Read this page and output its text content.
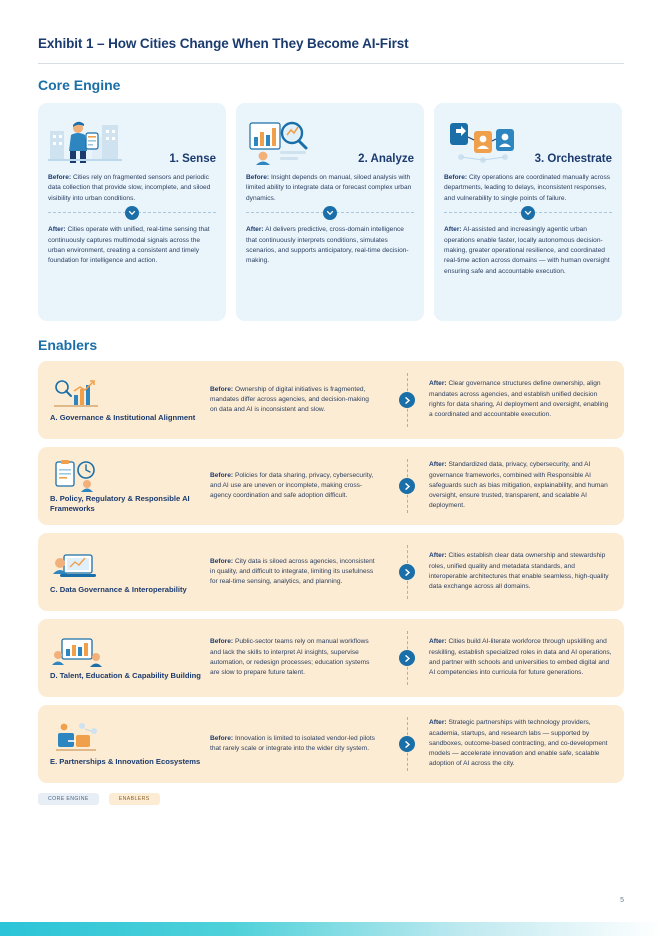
Exhibit 1 – How Cities Change When They Become AI-First
Core Engine
1. Sense
Before: Cities rely on fragmented sensors and periodic data collection that provide slow, incomplete, and siloed visibility into urban conditions.
After: Cities operate with unified, real-time sensing that continuously captures multimodal signals across the urban environment, creating a consistent and timely foundation for intelligence and action.
2. Analyze
Before: Insight depends on manual, siloed analysis with limited ability to integrate data or forecast complex urban dynamics.
After: AI delivers predictive, cross-domain intelligence that continuously interprets conditions, simulates scenarios, and supports anticipatory, real-time decision-making.
3. Orchestrate
Before: City operations are coordinated manually across departments, leading to delays, inconsistent responses, and vulnerability to single points of failure.
After: AI-assisted and increasingly agentic urban operations enable faster, locally autonomous decision-making, greater operational resilience, and coordinated real-time action across domains — with human oversight ensuring safe and accountable execution.
Enablers
A. Governance & Institutional Alignment
Before: Ownership of digital initiatives is fragmented, mandates differ across agencies, and decision-making on data and AI is inconsistent and slow.
After: Clear governance structures define ownership, align mandates across agencies, and establish unified decision rights for data sharing, AI deployment and oversight, enabling a coordinated and accountable execution.
B. Policy, Regulatory & Responsible AI Frameworks
Before: Policies for data sharing, privacy, cybersecurity, and AI use are uneven or incomplete, making cross-agency coordination and safe adoption difficult.
After: Standardized data, privacy, cybersecurity, and AI governance frameworks, combined with Responsible AI safeguards such as bias mitigation, explainability, and human oversight, ensure trusted, transparent, and scalable AI deployment.
C. Data Governance & Interoperability
Before: City data is siloed across agencies, inconsistent in quality, and difficult to integrate, limiting its usefulness for real-time sensing, analytics, and planning.
After: Cities establish clear data ownership and stewardship roles, unified quality and metadata standards, and interoperable architectures that enable seamless, high-quality data exchange across all domains.
D. Talent, Education & Capability Building
Before: Public-sector teams rely on manual workflows and lack the skills to interpret AI insights, supervise automation, or redesign processes; education systems are slow to prepare future talent.
After: Cities build AI-literate workforce through upskilling and reskilling, establish specialized roles in data and AI operations, and partner with schools and universities to embed digital and AI competencies into curricula for future generations.
E. Partnerships & Innovation Ecosystems
Before: Innovation is limited to isolated vendor-led pilots that rarely scale or integrate into the wider city system.
After: Strategic partnerships with technology providers, academia, startups, and research labs — supported by sandboxes, outcome-based contracting, and co-development models — accelerate innovation and enable safe, scalable adoption of AI across the city.
CORE ENGINE	ENABLERS
5
